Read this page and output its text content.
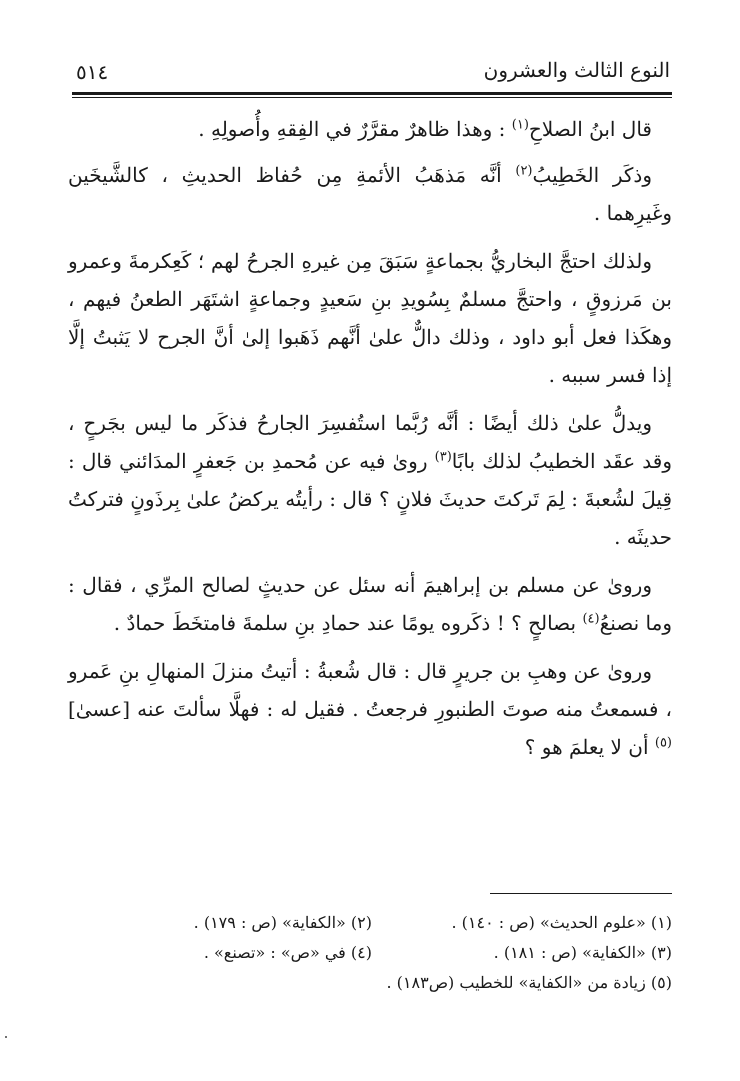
النوع الثالث والعشرون
٥١٤

قال ابنُ الصلاحِ$^{(١)}$ : وهذا ظاهرٌ مقرَّرٌ في الفِقهِ وأُصولِهِ .

وذكَر الخَطِيبُ$^{(٢)}$ أنَّه مَذهَبُ الأئمةِ مِن حُفاظ الحديثِ ، كالشَّيخَين وغَيرِهما .

ولذلك احتجَّ البخاريُّ بجماعةٍ سَبَقَ مِن غيرهِ الجرحُ لهم ؛ كَعِكرمةَ وعمرو بن مَرزوقٍ ، واحتجَّ مسلمٌ بِسُويدِ بنِ سَعيدٍ وجماعةٍ اشتَهَر الطعنُ فيهم ، وهكَذا فعل أبو داود ، وذلك دالٌّ علىٰ أنَّهم ذَهَبوا إلىٰ أنَّ الجرح لا يَثبتُ إلَّا إذا فسر سببه .

ويدلُّ علىٰ ذلك أيضًا : أنَّه رُبَّما استُفسِرَ الجارحُ فذكَر ما ليس بجَرحٍ ، وقد عقَد الخطيبُ لذلك بابًا$^{(٣)}$ روىٰ فيه عن مُحمدِ بن جَعفرٍ المدَائني قال : قِيلَ لشُعبةَ : لِمَ تَركتَ حديثَ فلانٍ ؟ قال : رأيتُه يركضُ علىٰ بِرذَونٍ فتركتُ حديثَه .

وروىٰ عن مسلم بن إبراهيمَ أنه سئل عن حديثٍ لصالح المرِّي ، فقال : وما نصنعُ$^{(٤)}$ بصالحٍ ؟ ! ذكَروه يومًا عند حمادِ بنِ سلمةَ فامتخَطَ حمادٌ .

وروىٰ عن وهبِ بن جريرٍ قال : قال شُعبةُ : أتيتُ منزلَ المنهالِ بنِ عَمرو ، فسمعتُ منه صوتَ الطنبورِ فرجعتُ . فقيل له : فهلَّا سألتَ عنه [عسىٰ]$^{(٥)}$ أن لا يعلمَ هو ؟

(١) «علوم الحديث» (ص : ١٤٠) .
(٢) «الكفاية» (ص : ١٧٩) .
(٣) «الكفاية» (ص : ١٨١) .
(٤) في «ص» : «تصنع» .
(٥) زيادة من «الكفاية» للخطيب (ص١٨٣) .
